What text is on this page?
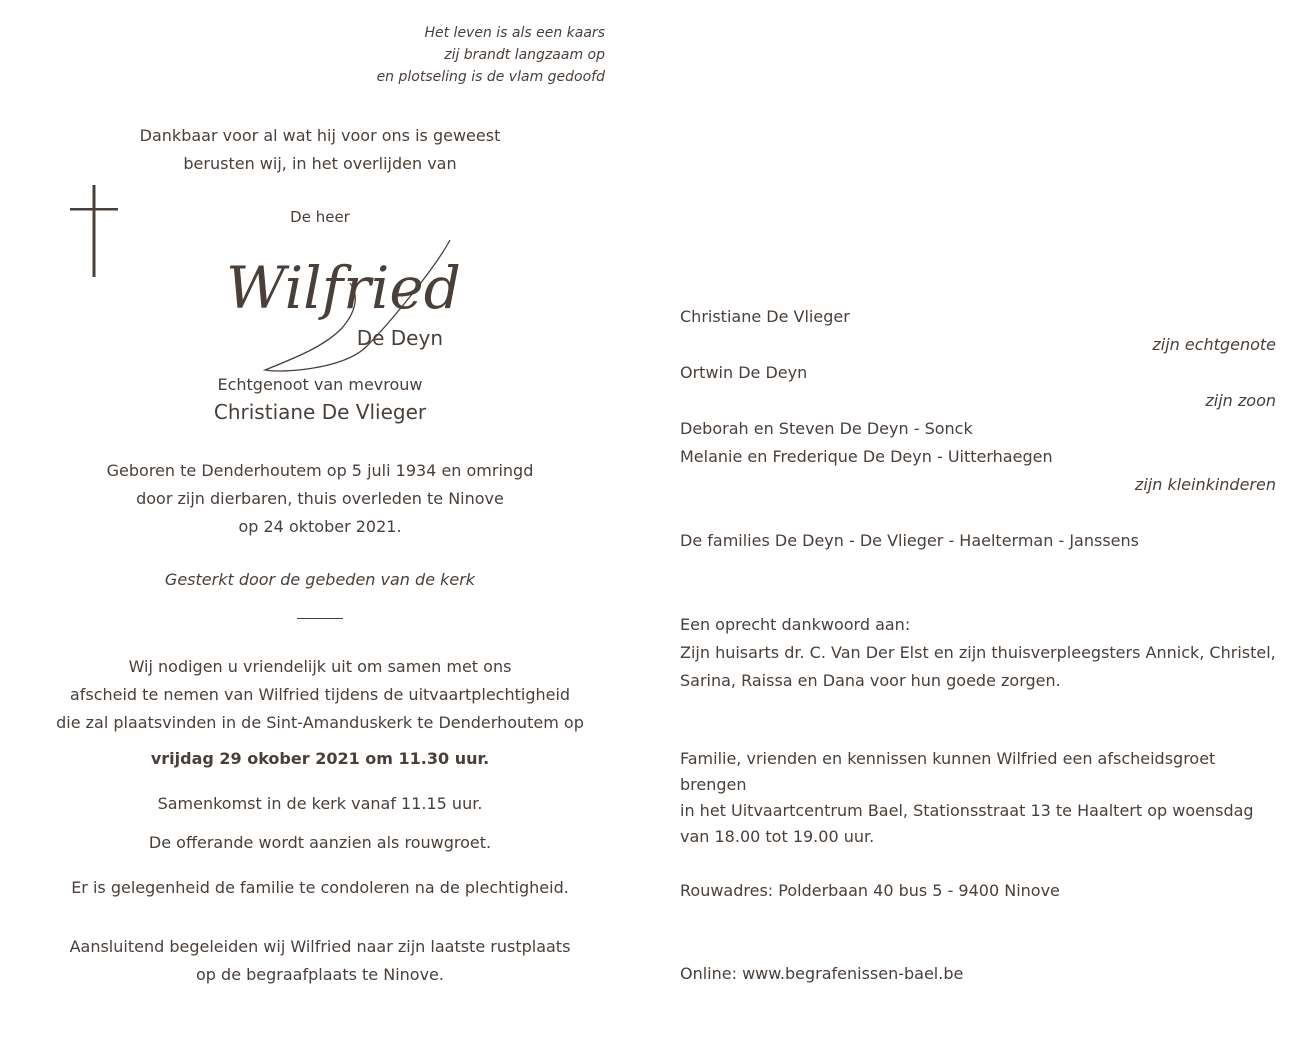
Het leven is als een kaars
zij brandt langzaam op
en plotseling is de vlam gedoofd
Dankbaar voor al wat hij voor ons is geweest
berusten wij, in het overlijden van
De heer
Wilfried
De Deyn
Echtgenoot van mevrouw
Christiane De Vlieger
Geboren te Denderhoutem op 5 juli 1934 en omringd
door zijn dierbaren, thuis overleden te Ninove
op 24 oktober 2021.
Gesterkt door de gebeden van de kerk
Wij nodigen u vriendelijk uit om samen met ons
afscheid te nemen van Wilfried tijdens de uitvaartplechtigheid
die zal plaatsvinden in de Sint-Amanduskerk te Denderhoutem op
vrijdag 29 okober 2021 om 11.30 uur.
Samenkomst in de kerk vanaf 11.15 uur.
De offerande wordt aanzien als rouwgroet.
Er is gelegenheid de familie te condoleren na de plechtigheid.
Aansluitend begeleiden wij Wilfried naar zijn laatste rustplaats
op de begraafplaats te Ninove.
Christiane De Vlieger
zijn echtgenote
Ortwin De Deyn
zijn zoon
Deborah en Steven De Deyn - Sonck
Melanie en Frederique De Deyn - Uitterhaegen
zijn kleinkinderen
De families De Deyn - De Vlieger - Haelterman - Janssens
Een oprecht dankwoord aan:
Zijn huisarts dr. C. Van Der Elst en zijn thuisverpleegsters Annick, Christel,
Sarina, Raissa en Dana voor hun goede zorgen.
Familie, vrienden en kennissen kunnen Wilfried een afscheidsgroet brengen
in het Uitvaartcentrum Bael, Stationsstraat 13 te Haaltert op woensdag
van 18.00 tot 19.00 uur.
Rouwadres: Polderbaan 40 bus 5 - 9400 Ninove
Online: www.begrafenissen-bael.be
